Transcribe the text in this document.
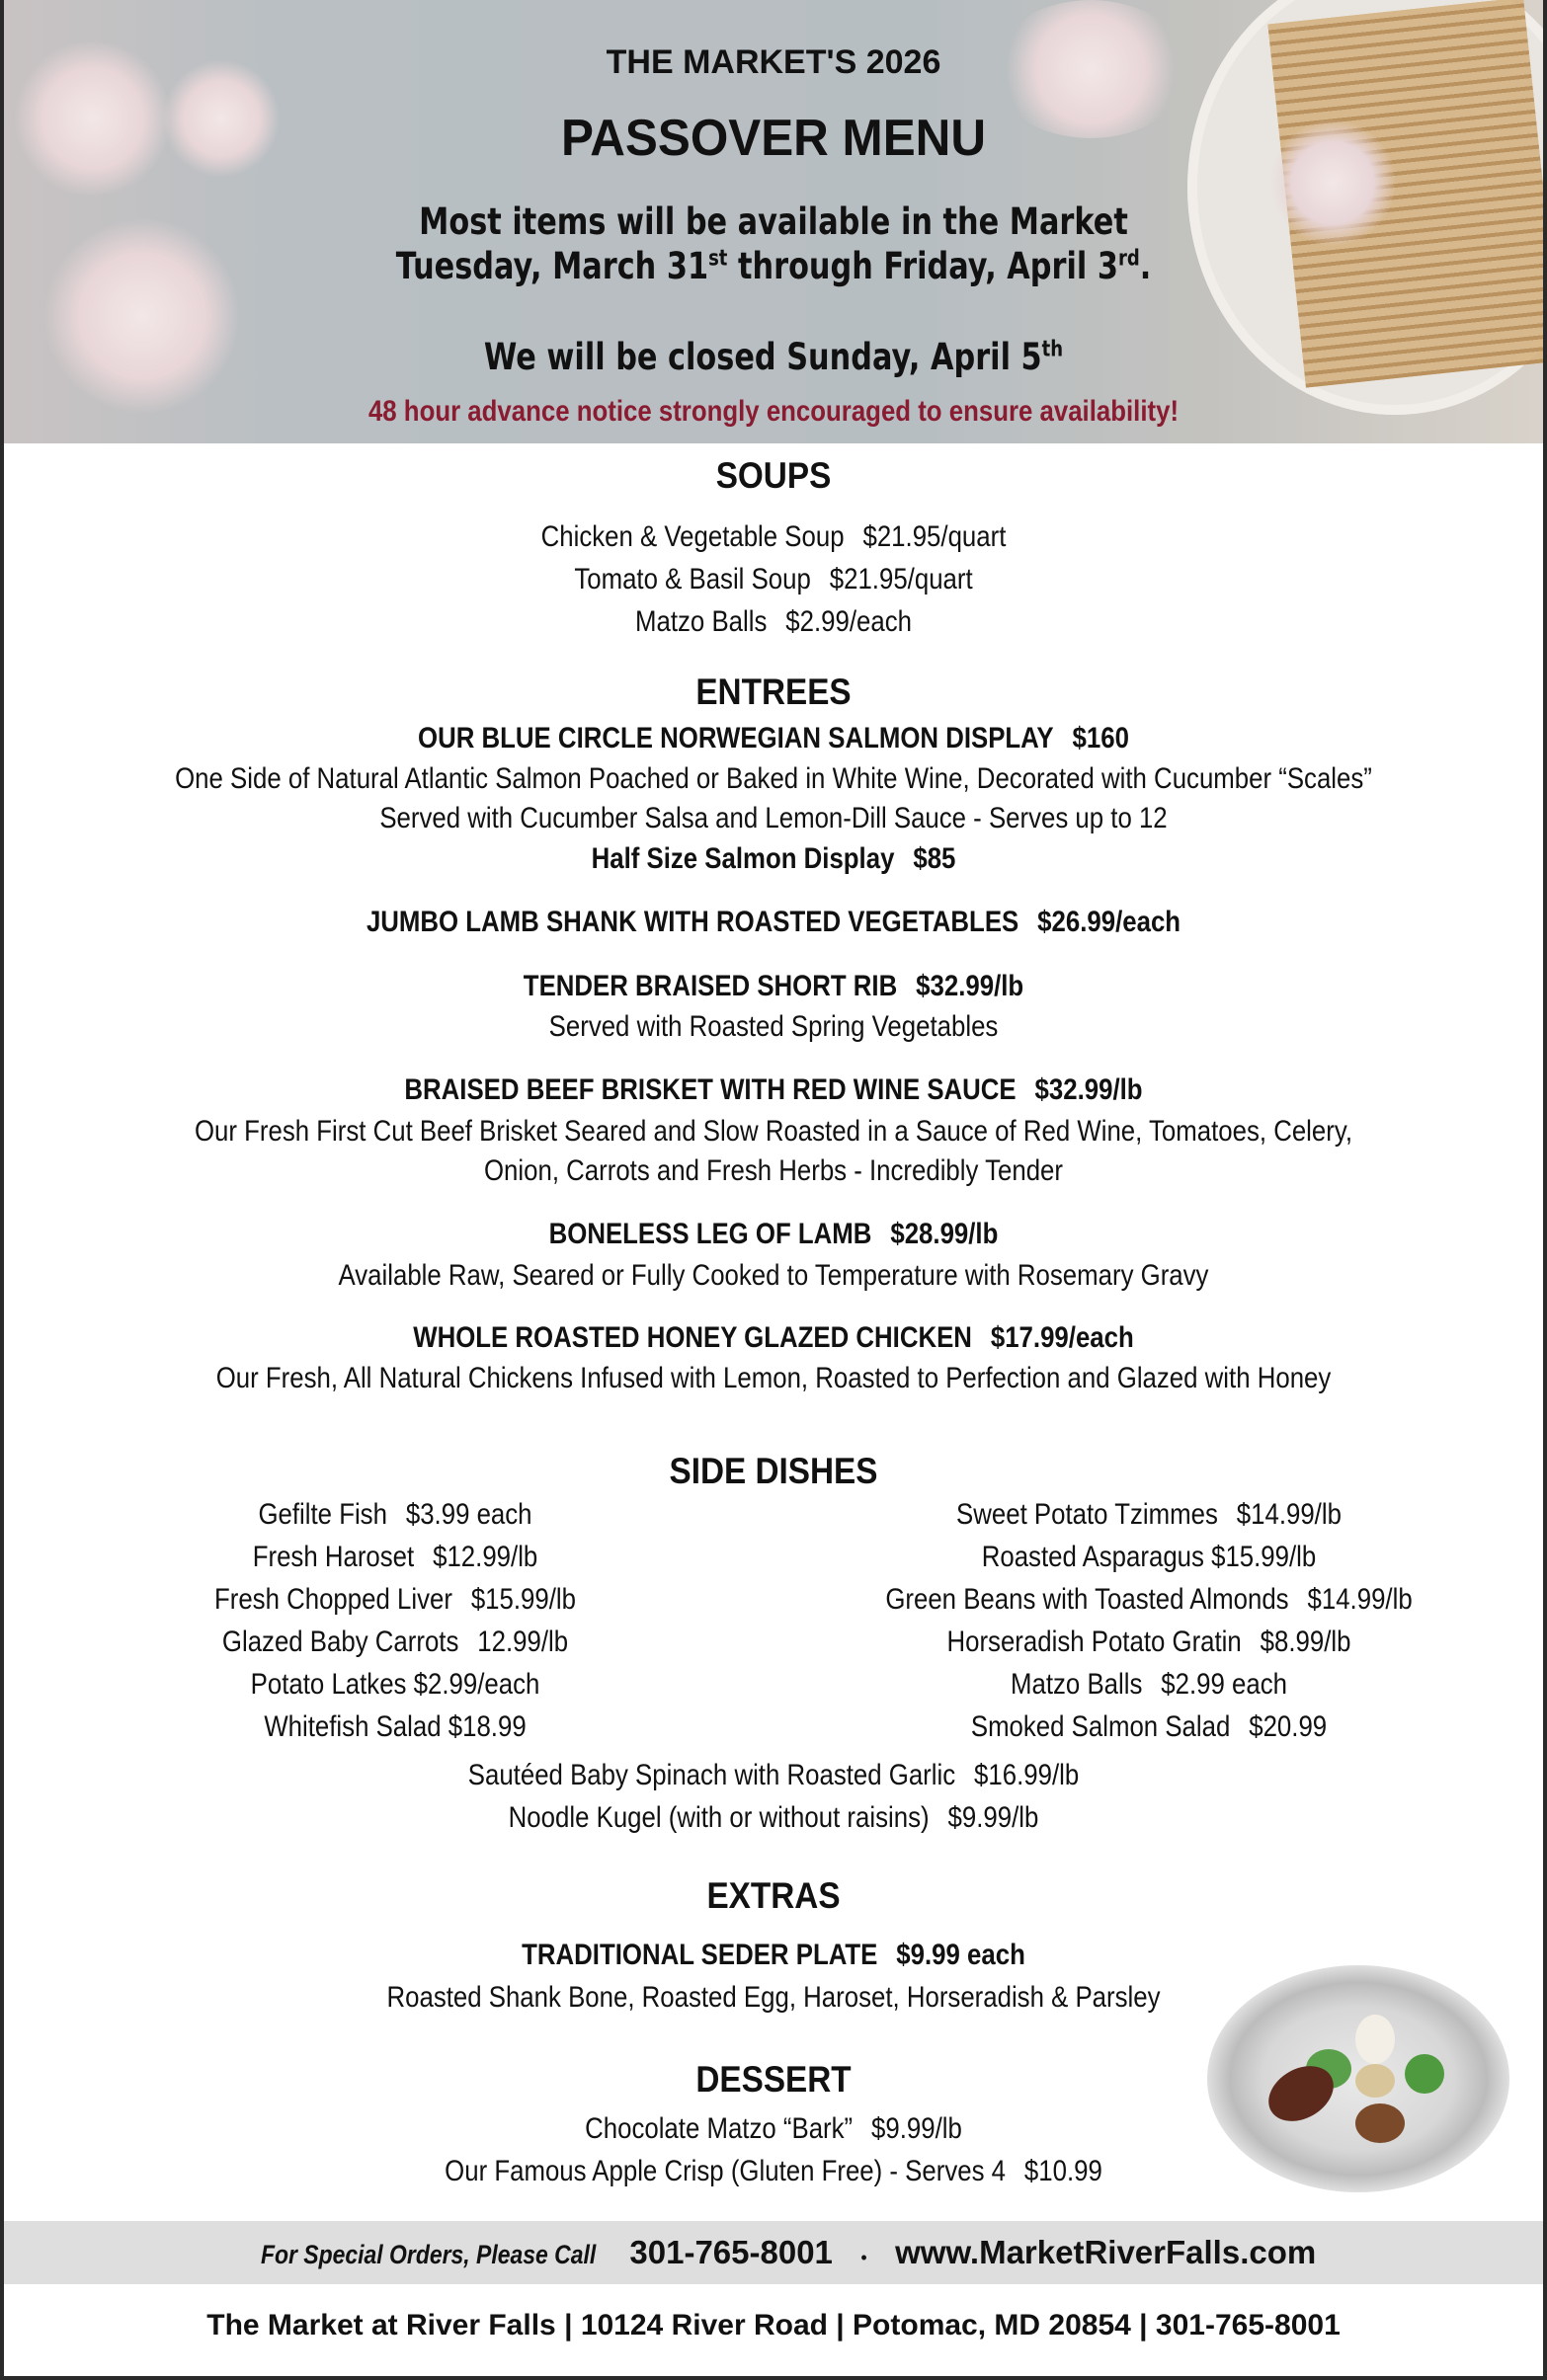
THE MARKET'S 2026
PASSOVER MENU
Most items will be available in the Market
Tuesday, March 31st through Friday, April 3rd.
We will be closed Sunday, April 5th
48 hour advance notice strongly encouraged to ensure availability!
SOUPS
Chicken & Vegetable Soup $21.95/quart
Tomato & Basil Soup $21.95/quart
Matzo Balls $2.99/each
ENTREES
OUR BLUE CIRCLE NORWEGIAN SALMON DISPLAY $160
One Side of Natural Atlantic Salmon Poached or Baked in White Wine, Decorated with Cucumber “Scales”
Served with Cucumber Salsa and Lemon-Dill Sauce - Serves up to 12
Half Size Salmon Display $85
JUMBO LAMB SHANK WITH ROASTED VEGETABLES $26.99/each
TENDER BRAISED SHORT RIB $32.99/lb
Served with Roasted Spring Vegetables
BRAISED BEEF BRISKET WITH RED WINE SAUCE $32.99/lb
Our Fresh First Cut Beef Brisket Seared and Slow Roasted in a Sauce of Red Wine, Tomatoes, Celery,
Onion, Carrots and Fresh Herbs - Incredibly Tender
BONELESS LEG OF LAMB $28.99/lb
Available Raw, Seared or Fully Cooked to Temperature with Rosemary Gravy
WHOLE ROASTED HONEY GLAZED CHICKEN $17.99/each
Our Fresh, All Natural Chickens Infused with Lemon, Roasted to Perfection and Glazed with Honey
SIDE DISHES
Gefilte Fish $3.99 each
Fresh Haroset $12.99/lb
Fresh Chopped Liver $15.99/lb
Glazed Baby Carrots 12.99/lb
Potato Latkes $2.99/each
Whitefish Salad $18.99
Sweet Potato Tzimmes $14.99/lb
Roasted Asparagus $15.99/lb
Green Beans with Toasted Almonds $14.99/lb
Horseradish Potato Gratin $8.99/lb
Matzo Balls $2.99 each
Smoked Salmon Salad $20.99
Sautéed Baby Spinach with Roasted Garlic $16.99/lb
Noodle Kugel (with or without raisins) $9.99/lb
EXTRAS
TRADITIONAL SEDER PLATE $9.99 each
Roasted Shank Bone, Roasted Egg, Haroset, Horseradish & Parsley
DESSERT
Chocolate Matzo “Bark” $9.99/lb
Our Famous Apple Crisp (Gluten Free) - Serves 4 $10.99
For Special Orders, Please Call 301-765-8001 • www.MarketRiverFalls.com
The Market at River Falls | 10124 River Road | Potomac, MD 20854 | 301-765-8001
